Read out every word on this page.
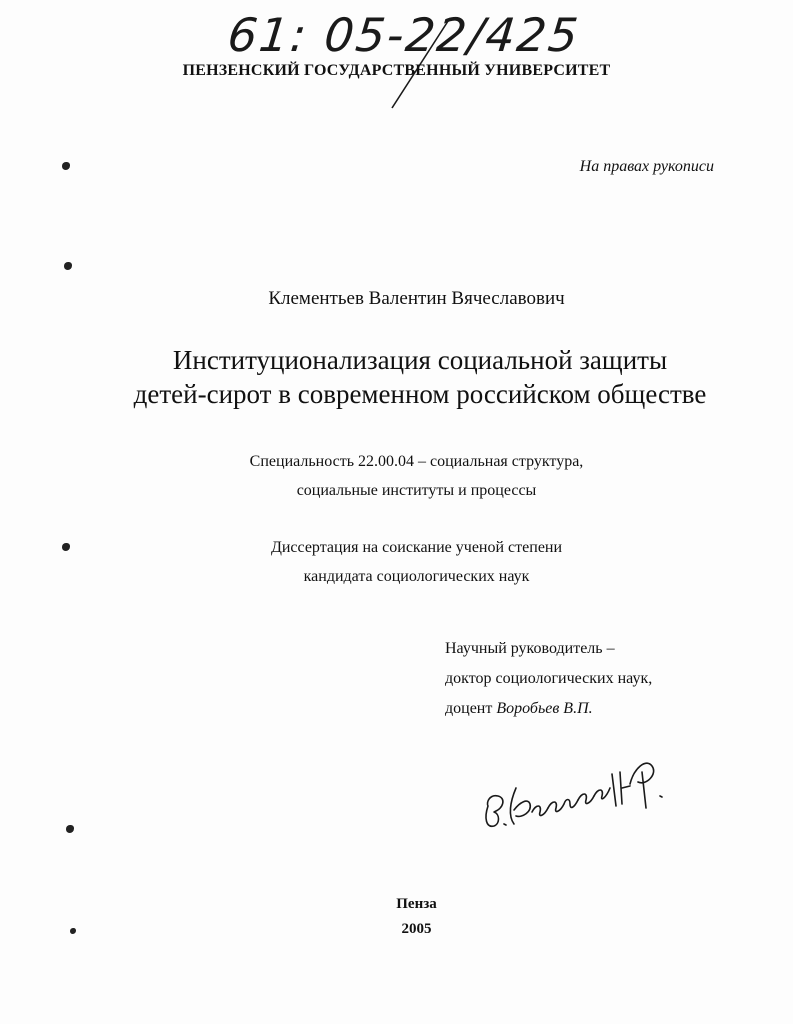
61: 05-22/425
ПЕНЗЕНСКИЙ ГОСУДАРСТВЕННЫЙ УНИВЕРСИТЕТ
На правах рукописи
Клементьев Валентин Вячеславович
Институционализация социальной защиты
детей-сирот в современном российском обществе
Специальность 22.00.04 – социальная структура,
социальные институты и процессы
Диссертация на соискание ученой степени
кандидата социологических наук
Научный руководитель –
доктор социологических наук,
доцент Воробьев В.П.
Пенза
2005
